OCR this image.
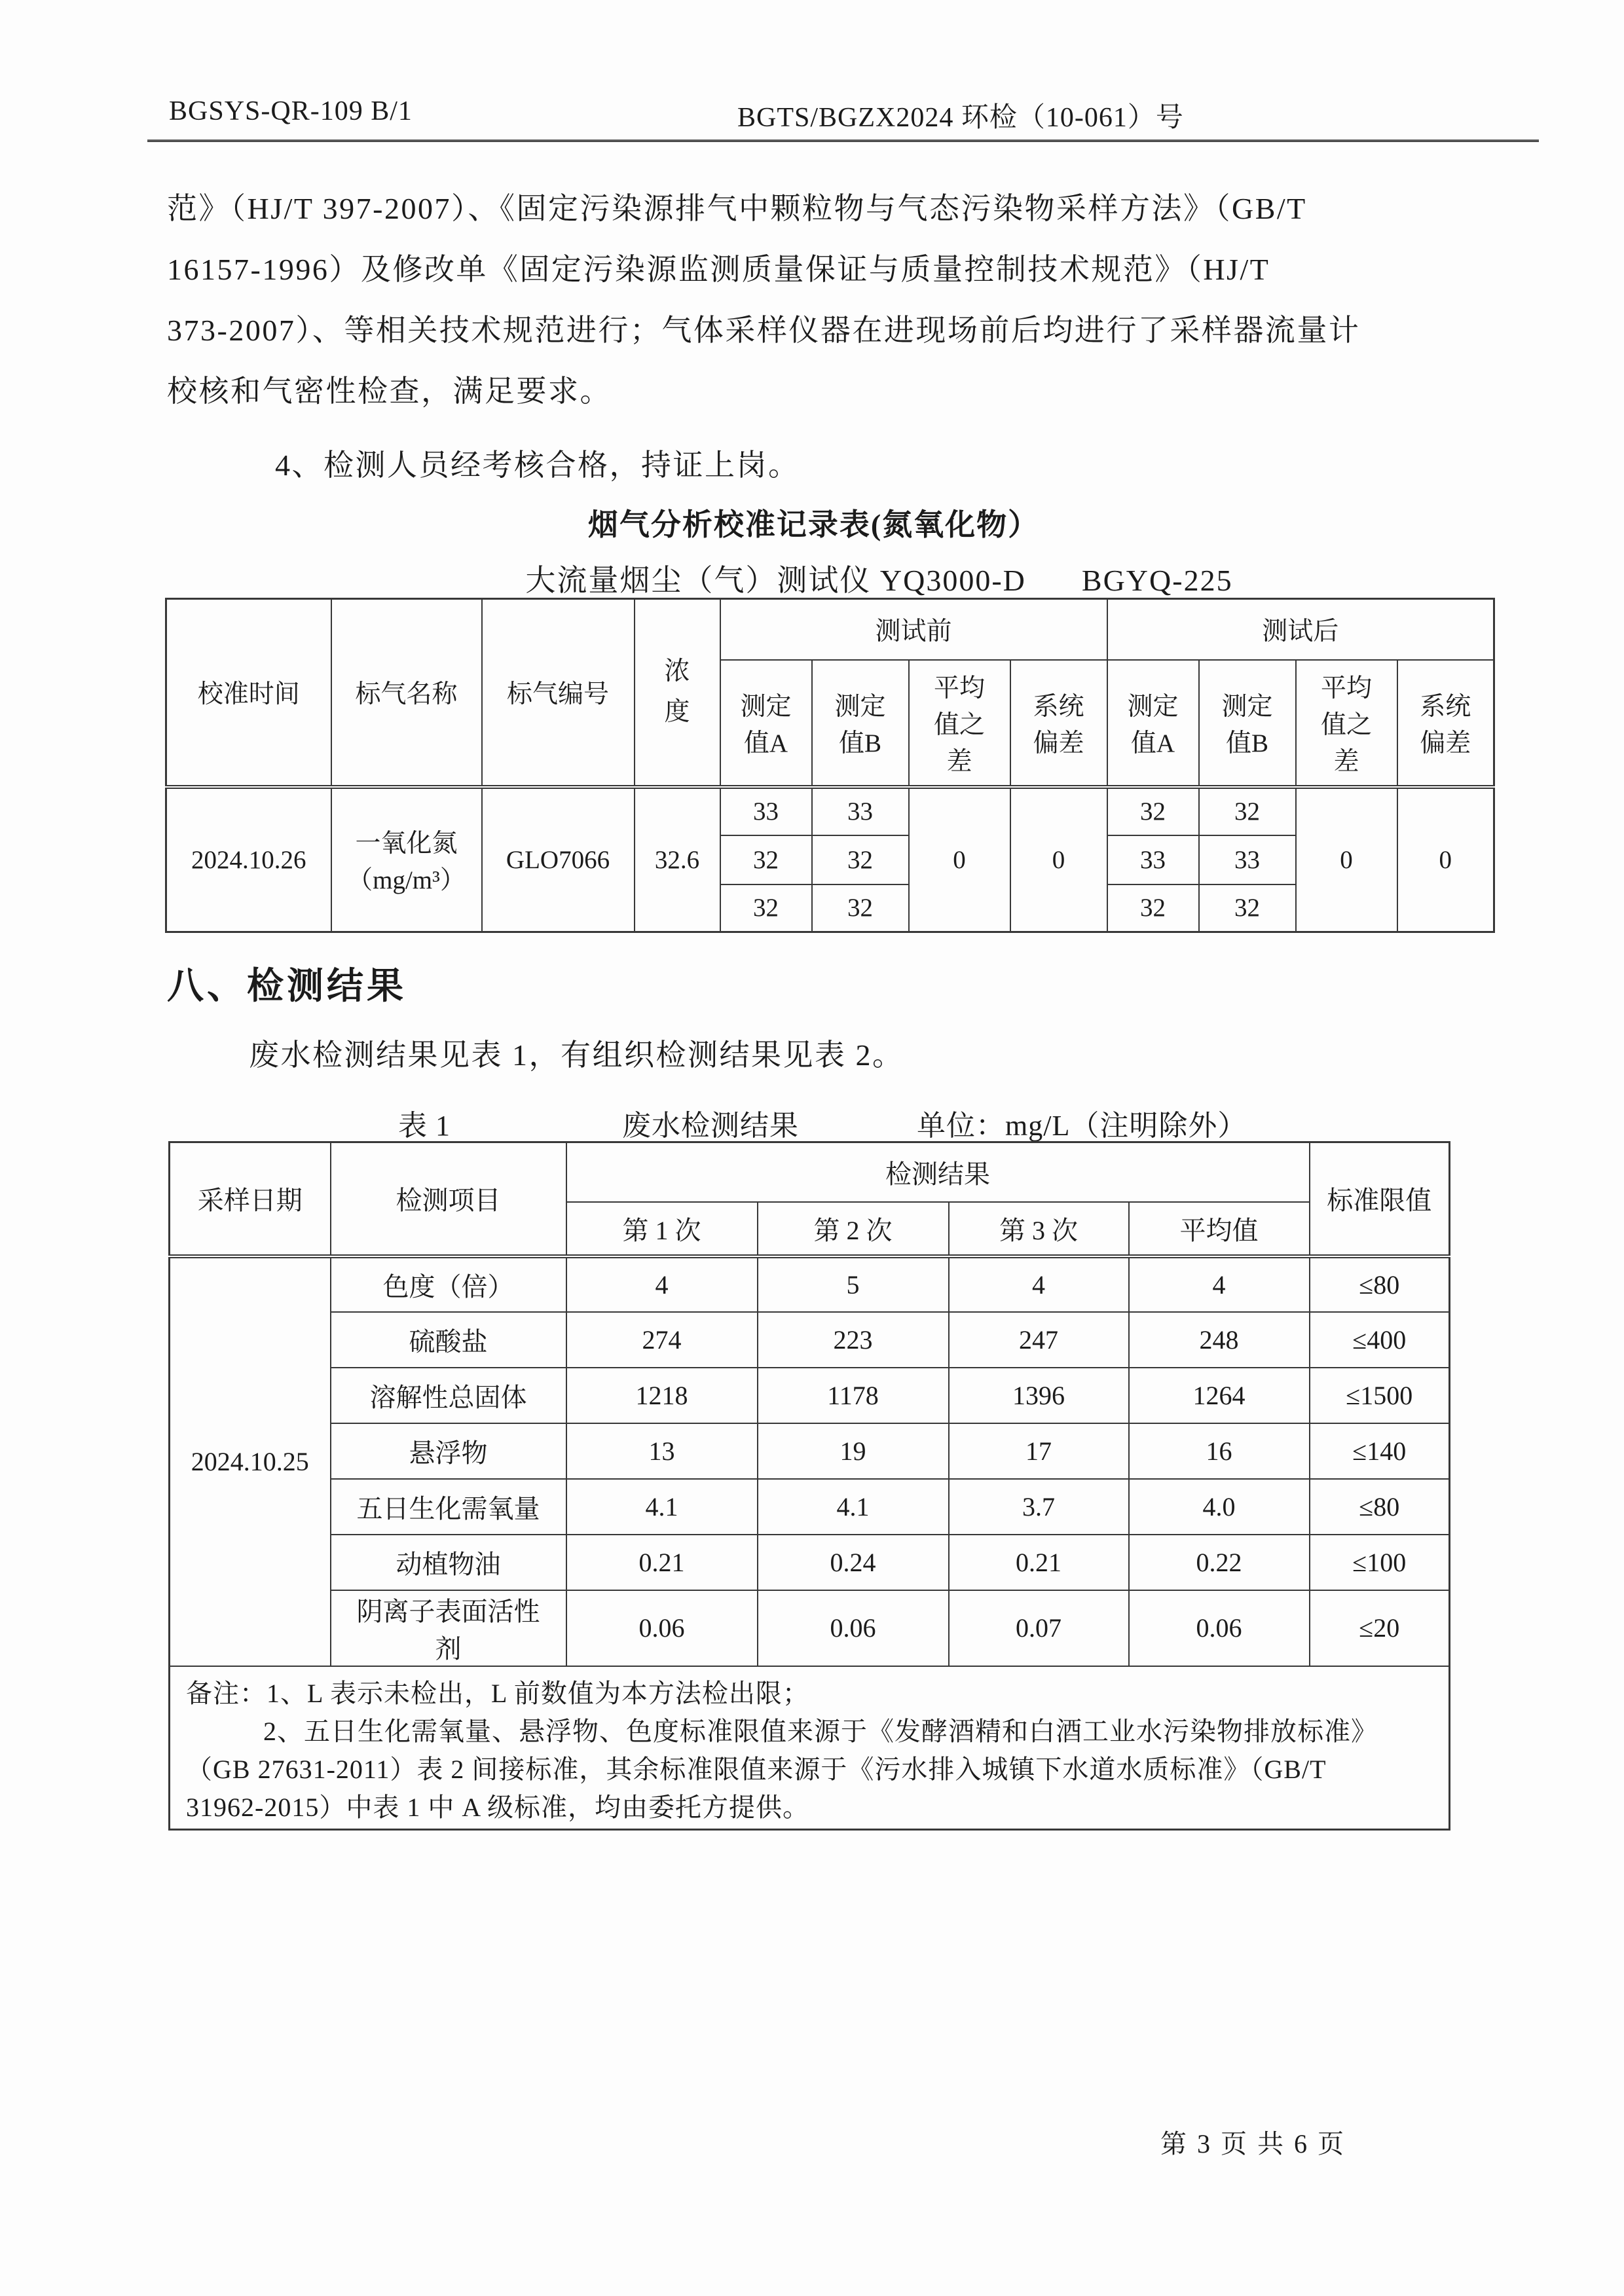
BGSYS-QR-109 B/1	BGTS/BGZX2024 环检（10-061）号
范》（HJ/T 397-2007）、《固定污染源排气中颗粒物与气态污染物采样方法》（GB/T
16157-1996）及修改单《固定污染源监测质量保证与质量控制技术规范》（HJ/T
373-2007）、等相关技术规范进行；气体采样仪器在进现场前后均进行了采样器流量计
校核和气密性检查，满足要求。
4、检测人员经考核合格，持证上岗。
烟气分析校准记录表(氮氧化物）
大流量烟尘（气）测试仪 YQ3000-D BGYQ-225
校准时间	标气名称	标气编号	浓度	测试前				测试后			
				测定值A	测定值B	平均值之差	系统偏差	测定值A	测定值B	平均值之差	系统偏差
2024.10.26	一氧化氮（mg/m³）	GLO7066	32.6	33	33	0	0	32	32	0	0
				32	32			33	33		
				32	32			32	32		
八、检测结果
废水检测结果见表 1，有组织检测结果见表 2。
表 1	废水检测结果	单位：mg/L（注明除外）
采样日期	检测项目	检测结果				标准限值
		第 1 次	第 2 次	第 3 次	平均值	
2024.10.25	色度（倍）	4	5	4	4	≤80
	硫酸盐	274	223	247	248	≤400
	溶解性总固体	1218	1178	1396	1264	≤1500
	悬浮物	13	19	17	16	≤140
	五日生化需氧量	4.1	4.1	3.7	4.0	≤80
	动植物油	0.21	0.24	0.21	0.22	≤100
	阴离子表面活性剂	0.06	0.06	0.07	0.06	≤20

备注：1、L 表示未检出，L 前数值为本方法检出限；
2、五日生化需氧量、悬浮物、色度标准限值来源于《发酵酒精和白酒工业水污染物排放标准》
（GB 27631-2011）表 2 间接标准，其余标准限值来源于《污水排入城镇下水道水质标准》（GB/T
31962-2015）中表 1 中 A 级标准，均由委托方提供。						
第 3 页 共 6 页
